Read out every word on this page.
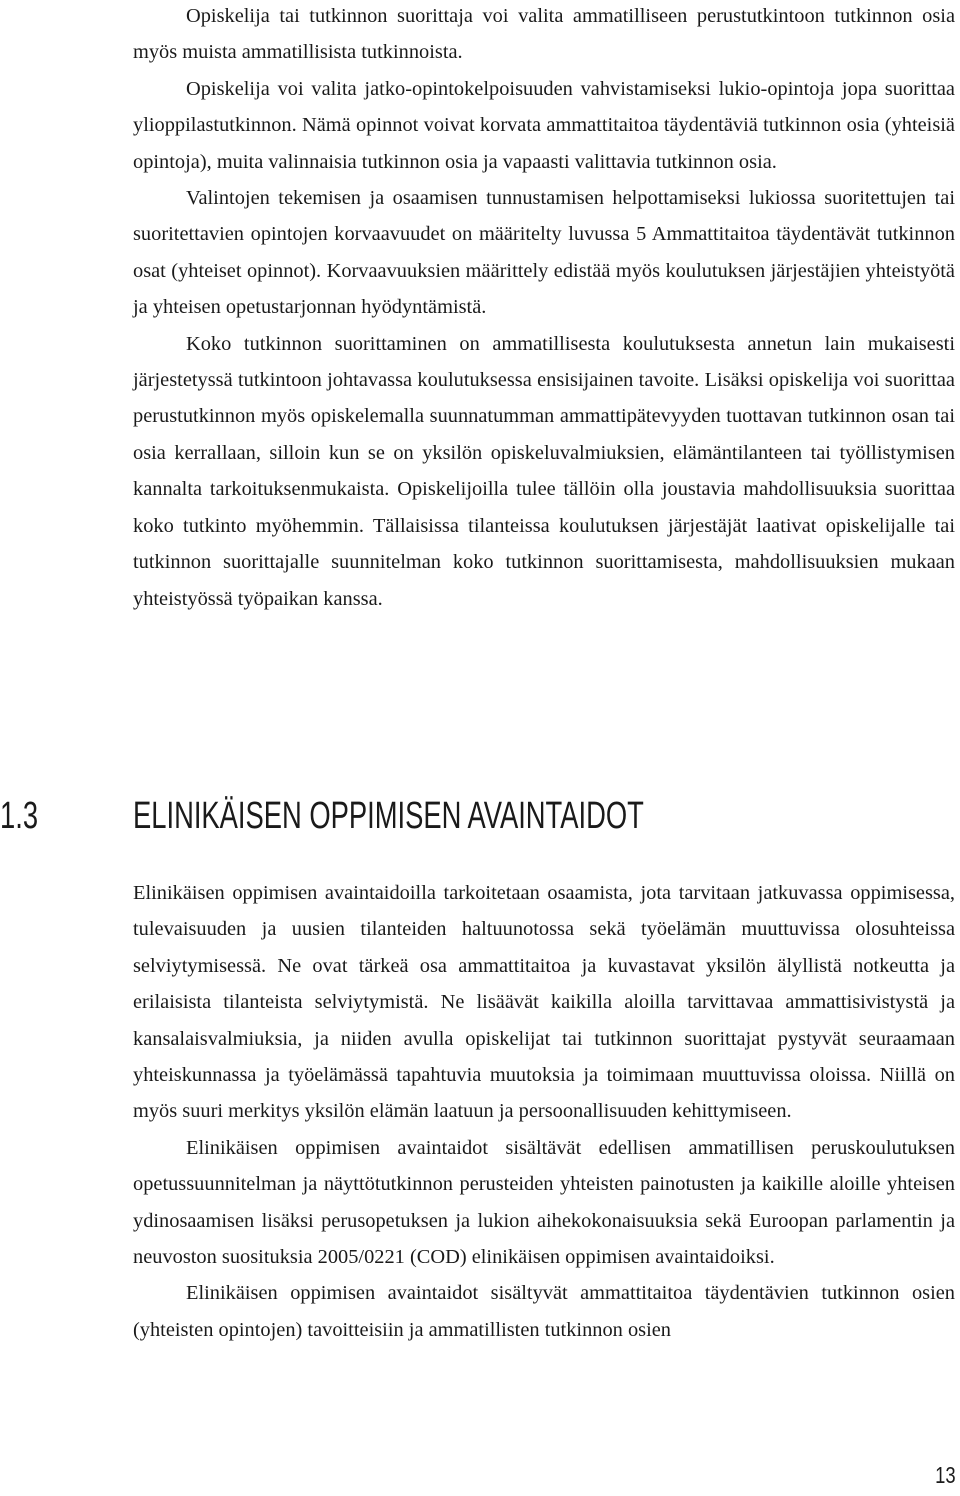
Opiskelija tai tutkinnon suorittaja voi valita ammatilliseen perustutkintoon tutkinnon osia myös muista ammatillisista tutkinnoista.

Opiskelija voi valita jatko-opintokelpoisuuden vahvistamiseksi lukio-opintoja jopa suorittaa ylioppilastutkinnon. Nämä opinnot voivat korvata ammattitaitoa täydentäviä tutkinnon osia (yhteisiä opintoja), muita valinnaisia tutkinnon osia ja vapaasti valittavia tutkinnon osia.

Valintojen tekemisen ja osaamisen tunnustamisen helpottamiseksi lukiossa suoritettujen tai suoritettavien opintojen korvaavuudet on määritelty luvussa 5 Ammattitaitoa täydentävät tutkinnon osat (yhteiset opinnot). Korvaavuuksien määrittely edistää myös koulutuksen järjestäjien yhteistyötä ja yhteisen opetustarjonnan hyödyntämistä.

Koko tutkinnon suorittaminen on ammatillisesta koulutuksesta annetun lain mukaisesti järjestetyssä tutkintoon johtavassa koulutuksessa ensisijainen tavoite. Lisäksi opiskelija voi suorittaa perustutkinnon myös opiskelemalla suunnatumman ammattipätevyyden tuottavan tutkinnon osan tai osia kerrallaan, silloin kun se on yksilön opiskeluvalmiuksien, elämäntilanteen tai työllistymisen kannalta tarkoituksenmukaista. Opiskelijoilla tulee tällöin olla joustavia mahdollisuuksia suorittaa koko tutkinto myöhemmin. Tällaisissa tilanteissa koulutuksen järjestäjät laativat opiskelijalle tai tutkinnon suorittajalle suunnitelman koko tutkinnon suorittamisesta, mahdollisuuksien mukaan yhteistyössä työpaikan kanssa.

1.3 ELINIKÄISEN OPPIMISEN AVAINTAIDOT

Elinikäisen oppimisen avaintaidoilla tarkoitetaan osaamista, jota tarvitaan jatkuvassa oppimisessa, tulevaisuuden ja uusien tilanteiden haltuunotossa sekä työelämän muuttuvissa olosuhteissa selviytymisessä. Ne ovat tärkeä osa ammattitaitoa ja kuvastavat yksilön älyllistä notkeutta ja erilaisista tilanteista selviytymistä. Ne lisäävät kaikilla aloilla tarvittavaa ammattisivistystä ja kansalaisvalmiuksia, ja niiden avulla opiskelijat tai tutkinnon suorittajat pystyvät seuraamaan yhteiskunnassa ja työelämässä tapahtuvia muutoksia ja toimimaan muuttuvissa oloissa. Niillä on myös suuri merkitys yksilön elämän laatuun ja persoonallisuuden kehittymiseen.

Elinikäisen oppimisen avaintaidot sisältävät edellisen ammatillisen peruskoulutuksen opetussuunnitelman ja näyttötutkinnon perusteiden yhteisten painotusten ja kaikille aloille yhteisen ydinosaamisen lisäksi perusopetuksen ja lukion aihekokonaisuuksia sekä Euroopan parlamentin ja neuvoston suosituksia 2005/0221 (COD) elinikäisen oppimisen avaintaidoiksi.

Elinikäisen oppimisen avaintaidot sisältyvät ammattitaitoa täydentävien tutkinnon osien (yhteisten opintojen) tavoitteisiin ja ammatillisten tutkinnon osien

13
